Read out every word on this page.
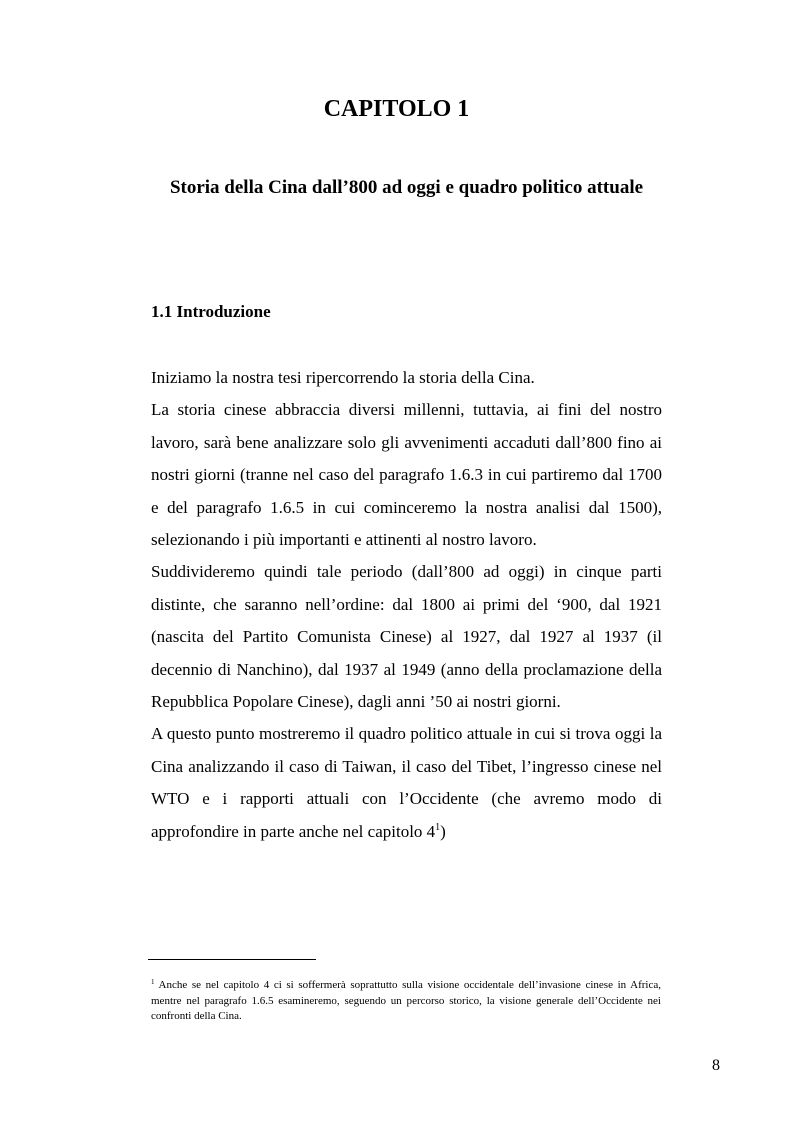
CAPITOLO 1
Storia della Cina dall’800 ad oggi e quadro politico attuale
1.1 Introduzione

Iniziamo la nostra tesi ripercorrendo la storia della Cina.

La storia cinese abbraccia diversi millenni, tuttavia, ai fini del nostro lavoro, sarà bene analizzare solo gli avvenimenti accaduti dall’800 fino ai nostri giorni (tranne nel caso del paragrafo 1.6.3 in cui partiremo dal 1700 e del paragrafo 1.6.5 in cui cominceremo la nostra analisi dal 1500), selezionando i più importanti e attinenti al nostro lavoro.

Suddivideremo quindi tale periodo (dall’800 ad oggi) in cinque parti distinte, che saranno nell’ordine: dal 1800 ai primi del ‘900, dal 1921 (nascita del Partito Comunista Cinese) al 1927, dal 1927 al 1937 (il decennio di Nanchino), dal 1937 al 1949 (anno della proclamazione della Repubblica Popolare Cinese), dagli anni ’50 ai nostri giorni.

A questo punto mostreremo il quadro politico attuale in cui si trova oggi la Cina analizzando il caso di Taiwan, il caso del Tibet, l’ingresso cinese nel WTO e i rapporti attuali con l’Occidente (che avremo modo di approfondire in parte anche nel capitolo 4$^1$)

$^1$ Anche se nel capitolo 4 ci si soffermerà soprattutto sulla visione occidentale dell’invasione cinese in Africa, mentre nel paragrafo 1.6.5 esamineremo, seguendo un percorso storico, la visione generale dell’Occidente nei confronti della Cina.

8
